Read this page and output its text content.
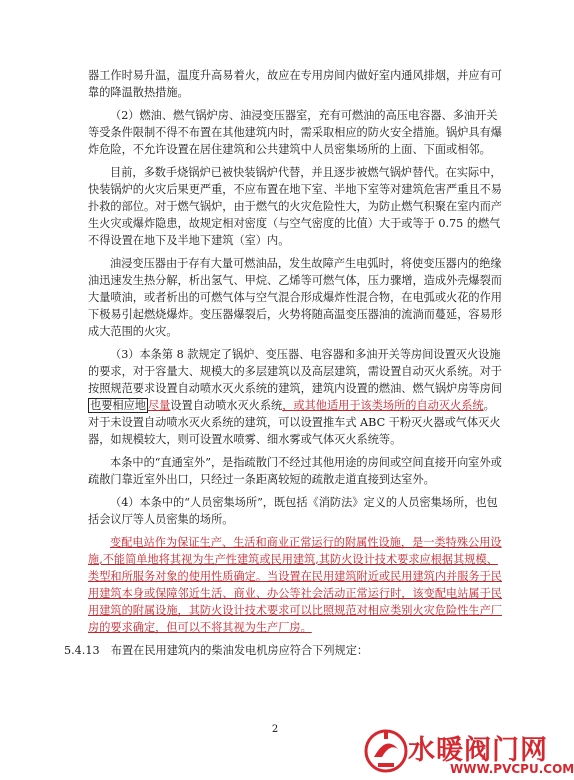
器工作时易升温，温度升高易着火，故应在专用房间内做好室内通风排烟，并应有可
靠的降温散热措施。
（2）燃油、燃气锅炉房、油浸变压器室，充有可燃油的高压电容器、多油开关
等受条件限制不得不布置在其他建筑内时，需采取相应的防火安全措施。锅炉具有爆
炸危险，不允许设置在居住建筑和公共建筑中人员密集场所的上面、下面或相邻。
目前，多数手烧锅炉已被快装锅炉代替，并且逐步被燃气锅炉替代。在实际中，
快装锅炉的火灾后果更严重，不应布置在地下室、半地下室等对建筑危害严重且不易
扑救的部位。对于燃气锅炉，由于燃气的火灾危险性大，为防止燃气积聚在室内而产
生火灾或爆炸隐患，故规定相对密度（与空气密度的比值）大于或等于 0.75 的燃气
不得设置在地下及半地下建筑（室）内。
油浸变压器由于存有大量可燃油品，发生故障产生电弧时，将使变压器内的绝缘
油迅速发生热分解，析出氢气、甲烷、乙烯等可燃气体，压力骤增，造成外壳爆裂而
大量喷油，或者析出的可燃气体与空气混合形成爆炸性混合物，在电弧或火花的作用
下极易引起燃烧爆炸。变压器爆裂后，火势将随高温变压器油的流淌而蔓延，容易形
成大范围的火灾。
（3）本条第 8 款规定了锅炉、变压器、电容器和多油开关等房间设置灭火设施
的要求，对于容量大、规模大的多层建筑以及高层建筑，需设置自动灭火系统。对于
按照规范要求设置自动喷水灭火系统的建筑，建筑内设置的燃油、燃气锅炉房等房间
也要相应地 尽量设置自动喷水灭火系统，或其他适用于该类场所的自动灭火系统。
对于未设置自动喷水灭火系统的建筑，可以设置推车式 ABC 干粉灭火器或气体灭火
器，如规模较大，则可设置水喷雾、细水雾或气体灭火系统等。
本条中的“直通室外”，是指疏散门不经过其他用途的房间或空间直接开向室外或
疏散门靠近室外出口，只经过一条距离较短的疏散走道直接到达室外。
（4）本条中的“人员密集场所”，既包括《消防法》定义的人员密集场所，也包
括会议厅等人员密集的场所。
变配电站作为保证生产、生活和商业正常运行的附属性设施，是一类特殊公用设
施,不能简单地将其视为生产性建筑或民用建筑,其防火设计技术要求应根据其规模、
类型和所服务对象的使用性质确定。当设置在民用建筑附近或民用建筑内并服务于民
用建筑本身或保障邻近生活、商业、办公等社会活动正常运行时，该变配电站属于民
用建筑的附属设施，其防火设计技术要求可以比照规范对相应类别火灾危险性生产厂
房的要求确定，但可以不将其视为生产厂房。
5.4.13　布置在民用建筑内的柴油发电机房应符合下列规定：
2
水暖阀门网
WWW.PVCPU.COM
